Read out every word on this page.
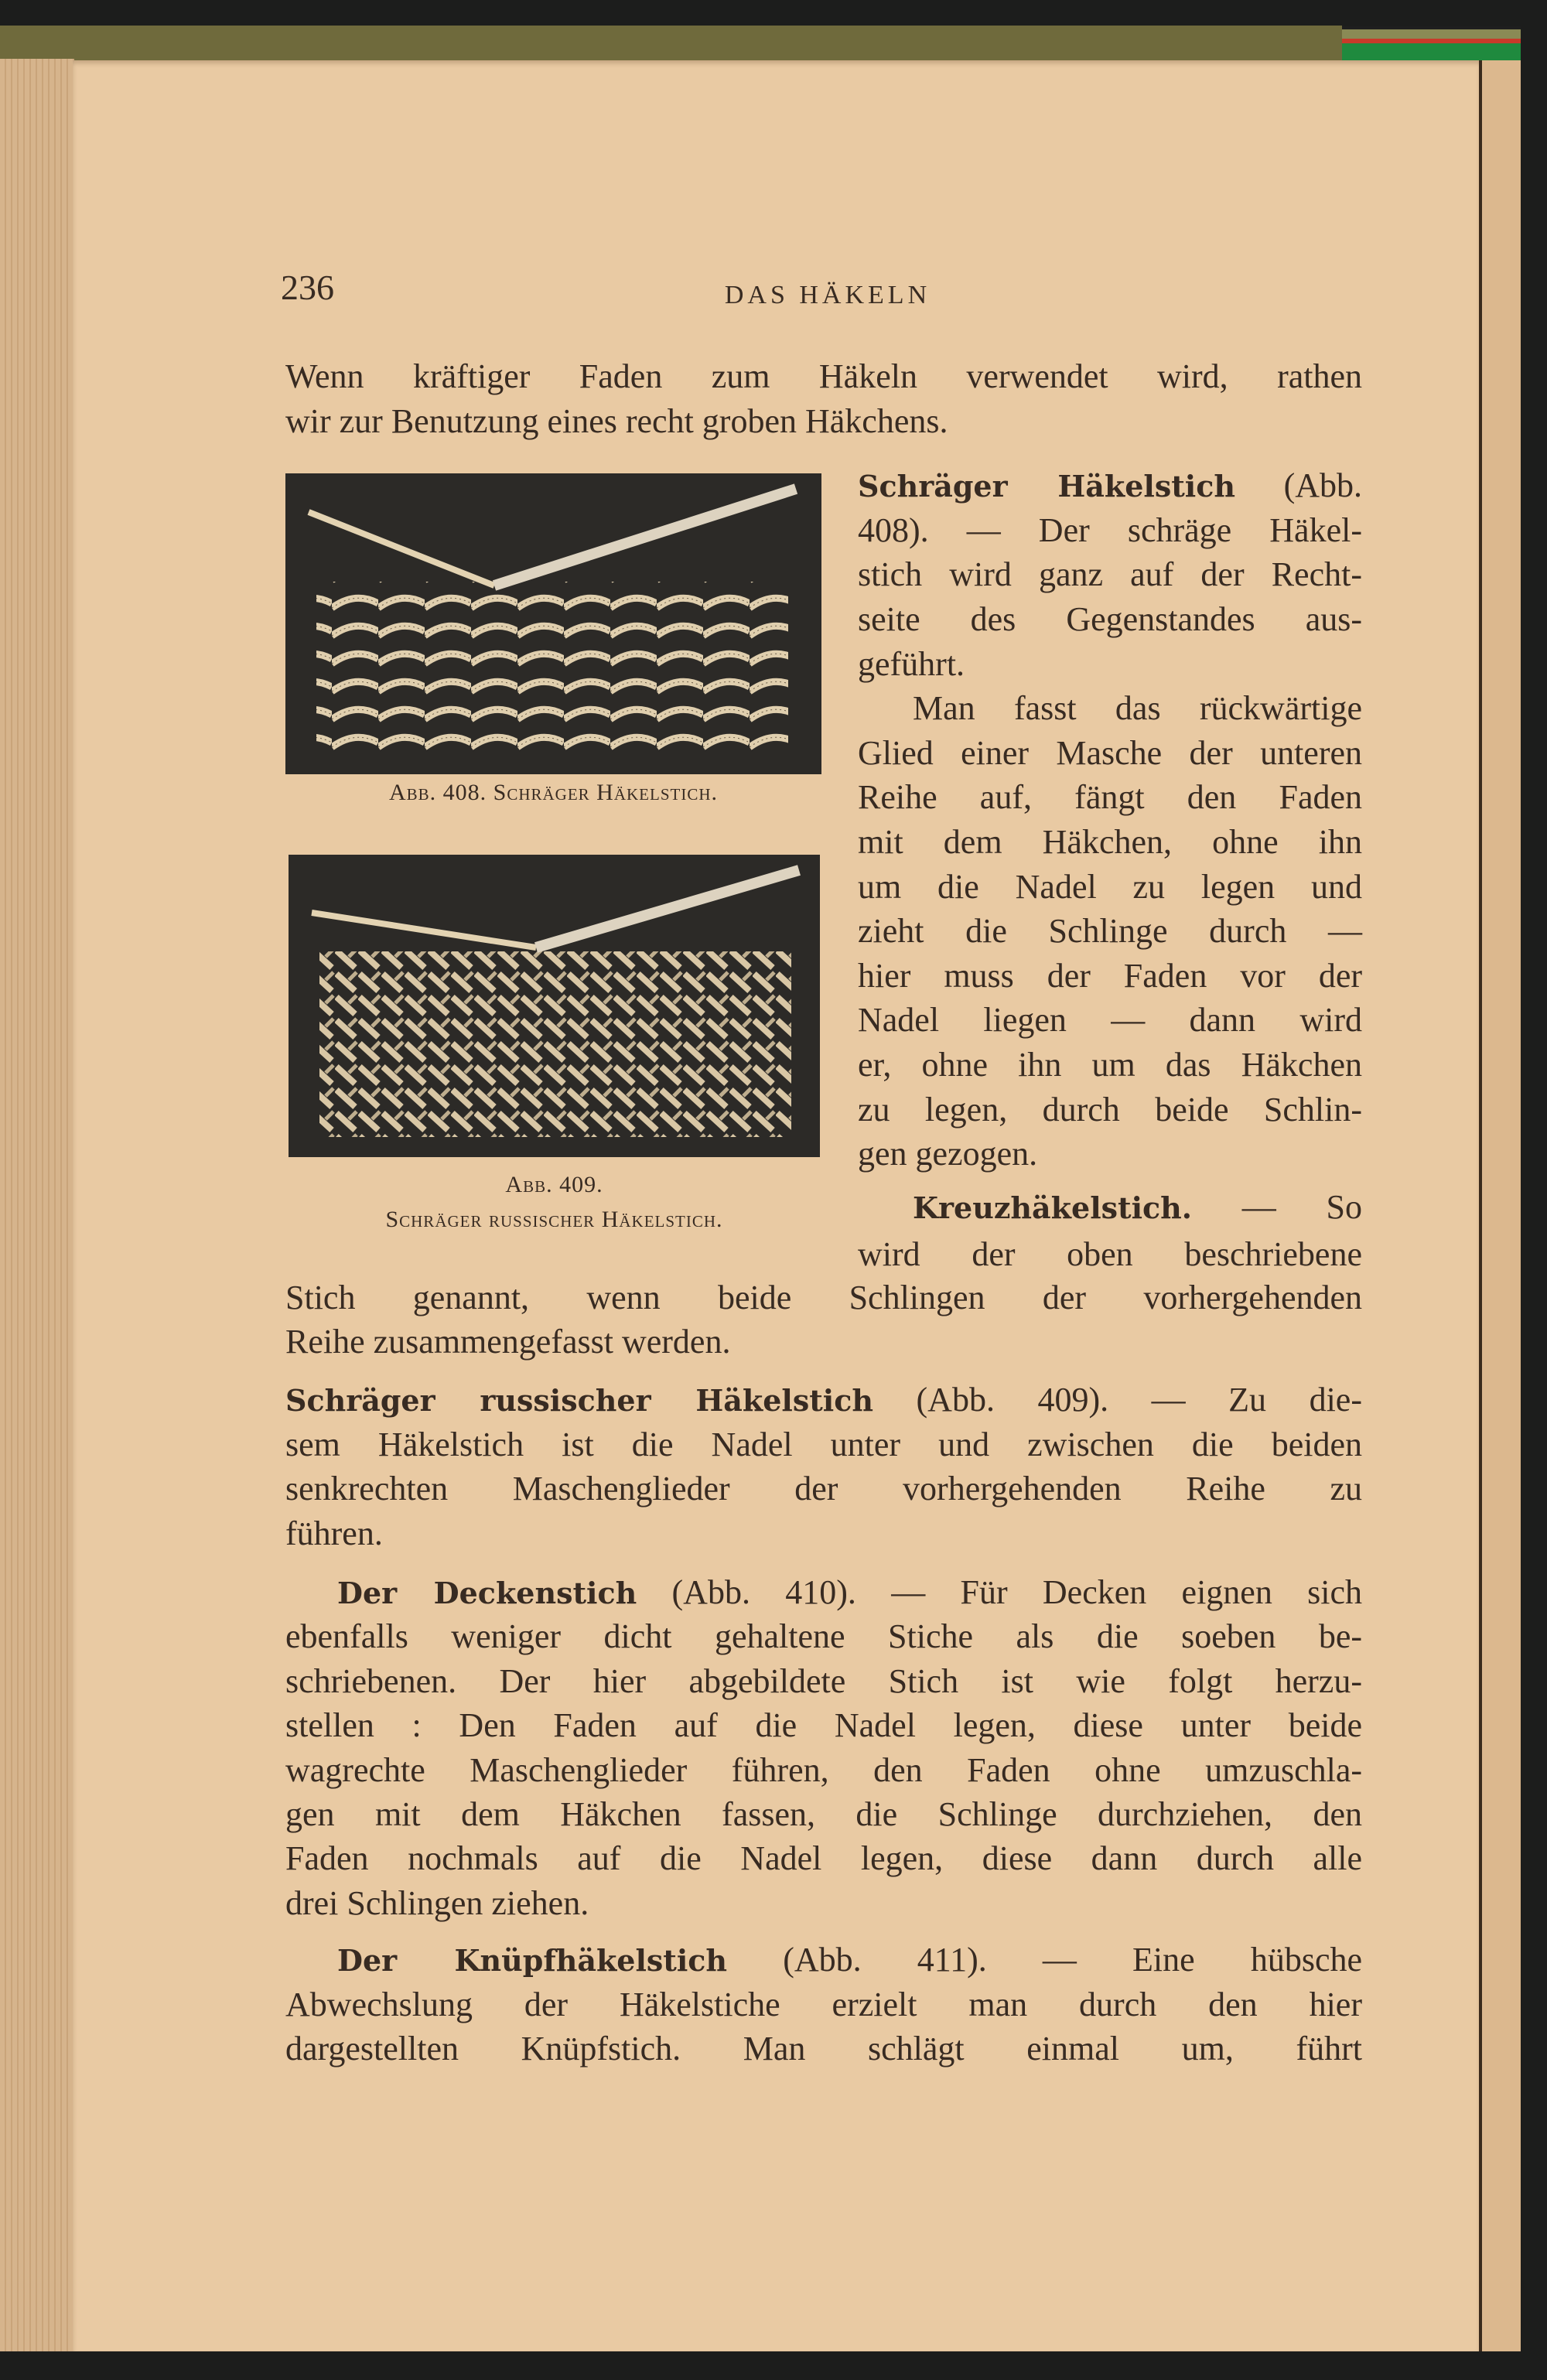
236	DAS HÄKELN
Abb. 408. Schräger Häkelstich.
Abb. 409.
Schräger russischer Häkelstich.
Wenn kräftiger Faden zum Häkeln verwendet wird, rathen
wir zur Benutzung eines recht groben Häkchens.
Schräger Häkelstich (Abb.
408). — Der schräge Häkel-
stich wird ganz auf der Recht-
seite des Gegenstandes aus-
geführt.
Man fasst das rückwärtige
Glied einer Masche der unteren
Reihe auf, fängt den Faden
mit dem Häkchen, ohne ihn
um die Nadel zu legen und
zieht die Schlinge durch —
hier muss der Faden vor der
Nadel liegen — dann wird
er, ohne ihn um das Häkchen
zu legen, durch beide Schlin-
gen gezogen.
Kreuzhäkelstich. — So
wird der oben beschriebene
Stich genannt, wenn beide Schlingen der vorhergehenden
Reihe zusammengefasst werden.
Schräger russischer Häkelstich (Abb. 409). — Zu die-
sem Häkelstich ist die Nadel unter und zwischen die beiden
senkrechten Maschenglieder der vorhergehenden Reihe zu
führen.
Der Deckenstich (Abb. 410). — Für Decken eignen sich
ebenfalls weniger dicht gehaltene Stiche als die soeben be-
schriebenen. Der hier abgebildete Stich ist wie folgt herzu-
stellen : Den Faden auf die Nadel legen, diese unter beide
wagrechte Maschenglieder führen, den Faden ohne umzuschla-
gen mit dem Häkchen fassen, die Schlinge durchziehen, den
Faden nochmals auf die Nadel legen, diese dann durch alle
drei Schlingen ziehen.
Der Knüpfhäkelstich (Abb. 411). — Eine hübsche
Abwechslung der Häkelstiche erzielt man durch den hier
dargestellten Knüpfstich. Man schlägt einmal um, führt
